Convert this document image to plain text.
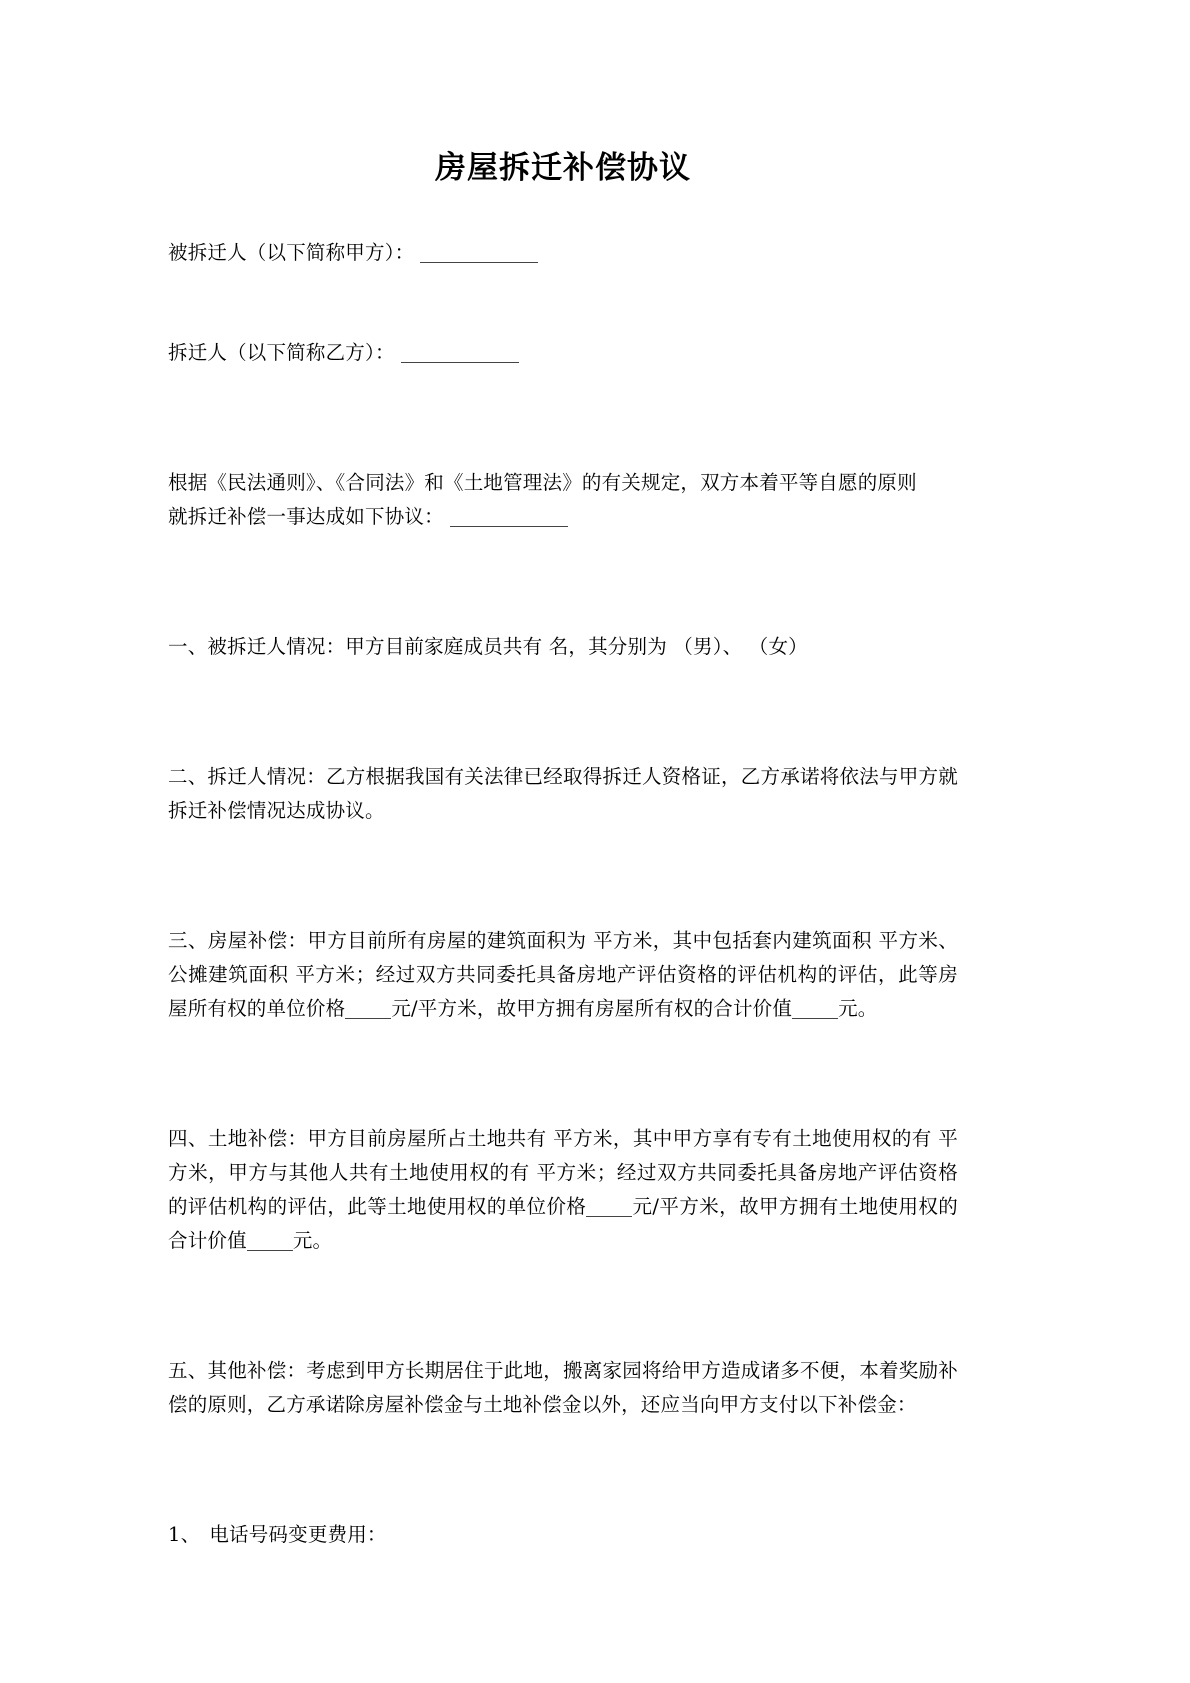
房屋拆迁补偿协议

被拆迁人（以下简称甲方）：

拆迁人（以下简称乙方）：

根据《民法通则》、《合同法》和《土地管理法》的有关规定，双方本着平等自愿的原则
就拆迁补偿一事达成如下协议：

一、被拆迁人情况：甲方目前家庭成员共有 名，其分别为 （男）、 （女）

二、拆迁人情况：乙方根据我国有关法律已经取得拆迁人资格证，乙方承诺将依法与甲方就拆迁补偿情况达成协议。

三、房屋补偿：甲方目前所有房屋的建筑面积为 平方米，其中包括套内建筑面积 平方米、公摊建筑面积 平方米；经过双方共同委托具备房地产评估资格的评估机构的评估，此等房屋所有权的单位价格 元/平方米，故甲方拥有房屋所有权的合计价值 元。

四、土地补偿：甲方目前房屋所占土地共有 平方米，其中甲方享有专有土地使用权的有 平方米，甲方与其他人共有土地使用权的有 平方米；经过双方共同委托具备房地产评估资格的评估机构的评估，此等土地使用权的单位价格 元/平方米，故甲方拥有土地使用权的合计价值 元。

五、其他补偿：考虑到甲方长期居住于此地，搬离家园将给甲方造成诸多不便，本着奖励补偿的原则，乙方承诺除房屋补偿金与土地补偿金以外，还应当向甲方支付以下补偿金：

1、 电话号码变更费用：
